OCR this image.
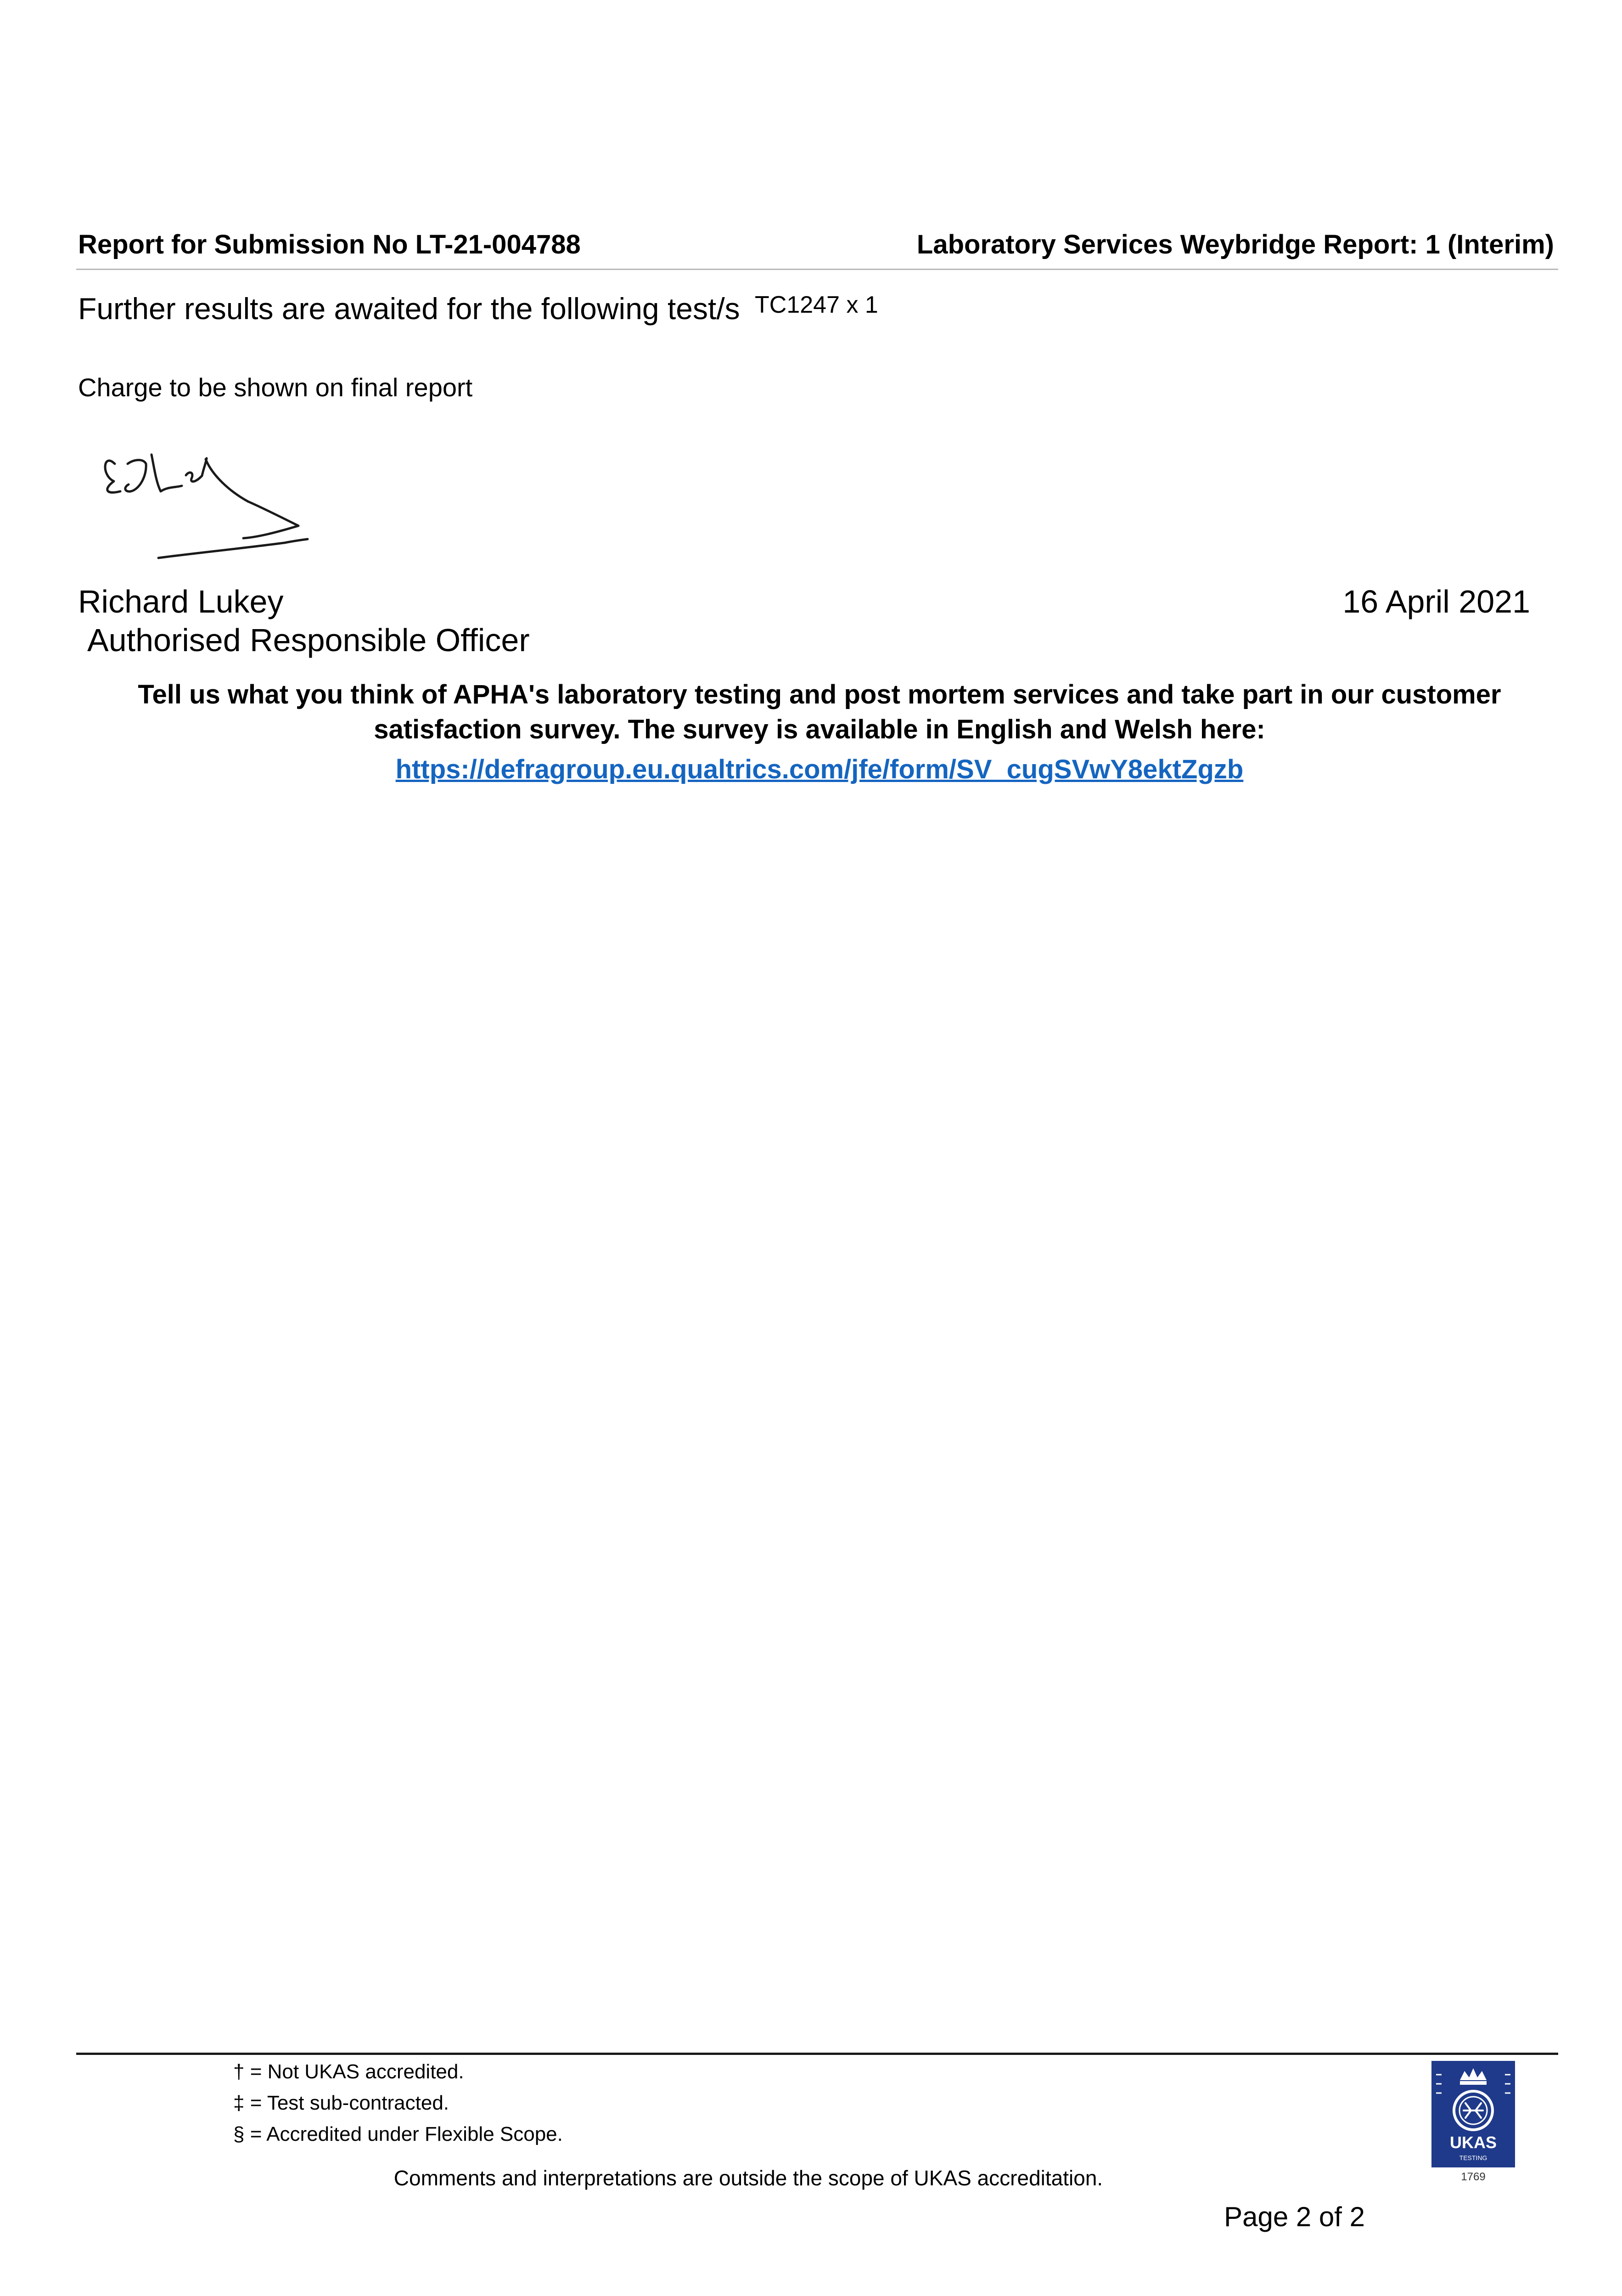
Report for Submission No LT-21-004788	Laboratory Services Weybridge Report: 1 (Interim)
Further results are awaited for the following test/s TC1247 x 1
Charge to be shown on final report
Richard Lukey
Authorised Responsible Officer
16 April 2021
Tell us what you think of APHA's laboratory testing and post mortem services and take part in our customer satisfaction survey. The survey is available in English and Welsh here:
https://defragroup.eu.qualtrics.com/jfe/form/SV_cugSVwY8ektZgzb
† = Not UKAS accredited.
‡ = Test sub-contracted.
§ = Accredited under Flexible Scope.
Comments and interpretations are outside the scope of UKAS accreditation.
Page 2 of 2
UKAS
TESTING
1769
